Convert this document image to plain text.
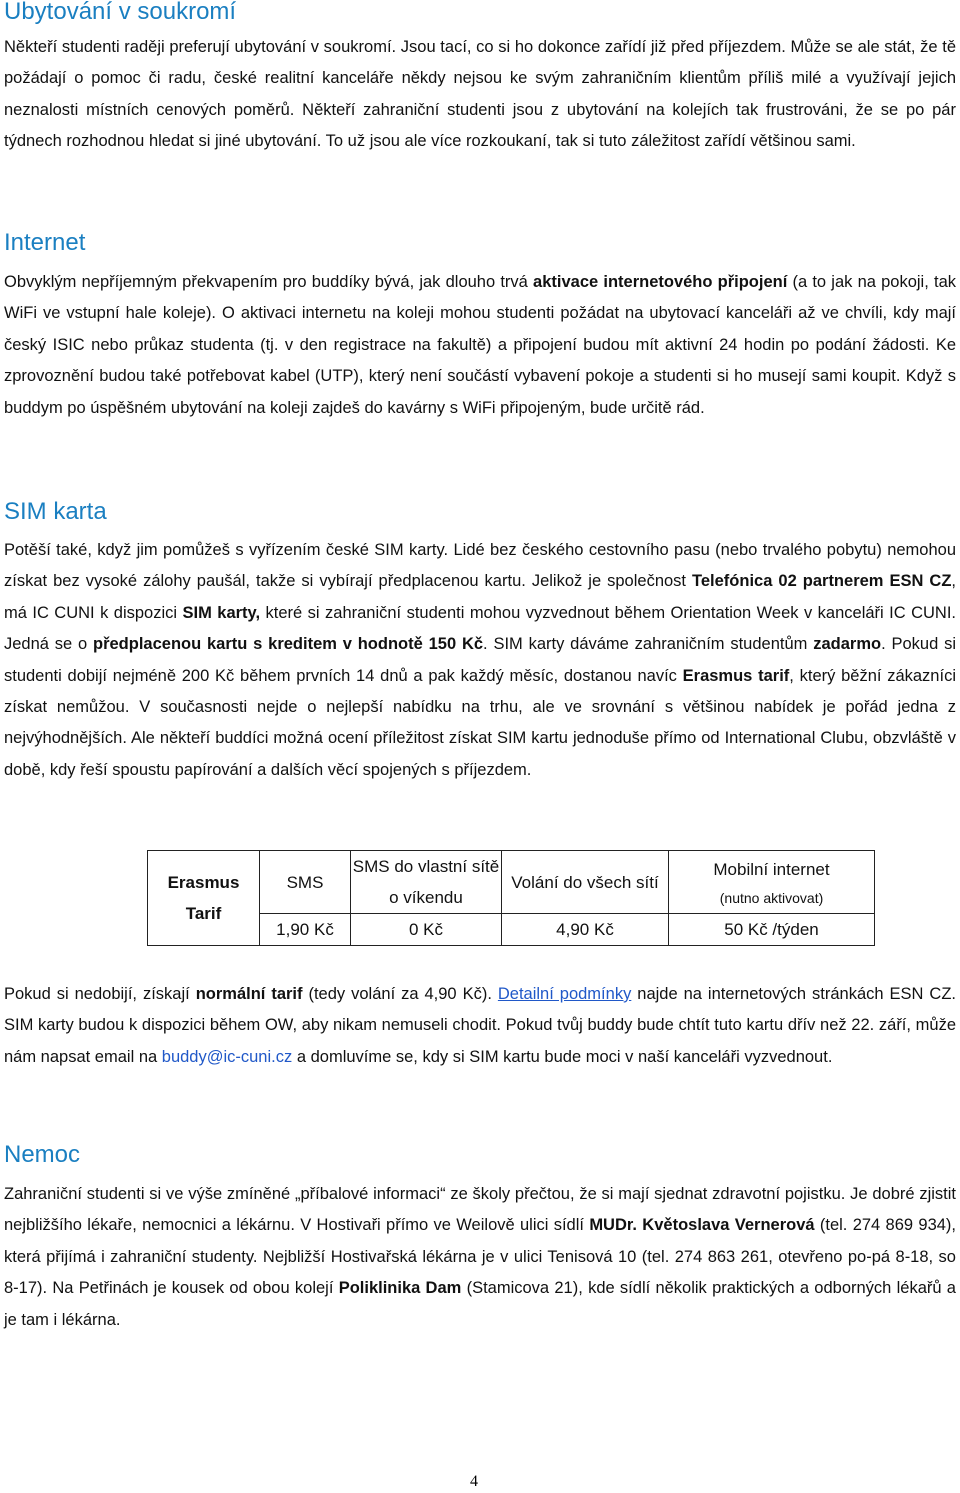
Ubytování v soukromí

Někteří studenti raději preferují ubytování v soukromí. Jsou tací, co si ho dokonce zařídí již před příjezdem. Může se ale stát, že tě požádají o pomoc či radu, české realitní kanceláře někdy nejsou ke svým zahraničním klientům příliš milé a využívají jejich neznalosti místních cenových poměrů. Někteří zahraniční studenti jsou z ubytování na kolejích tak frustrováni, že se po pár týdnech rozhodnou hledat si jiné ubytování. To už jsou ale více rozkoukaní, tak si tuto záležitost zařídí většinou sami.

Internet

Obvyklým nepříjemným překvapením pro buddíky bývá, jak dlouho trvá aktivace internetového připojení (a to jak na pokoji, tak WiFi ve vstupní hale koleje). O aktivaci internetu na koleji mohou studenti požádat na ubytovací kanceláři až ve chvíli, kdy mají český ISIC nebo průkaz studenta (tj. v den registrace na fakultě) a připojení budou mít aktivní 24 hodin po podání žádosti. Ke zprovoznění budou také potřebovat kabel (UTP), který není součástí vybavení pokoje a studenti si ho musejí sami koupit. Když s buddym po úspěšném ubytování na koleji zajdeš do kavárny s WiFi připojeným, bude určitě rád.

SIM karta

Potěší také, když jim pomůžeš s vyřízením české SIM karty. Lidé bez českého cestovního pasu (nebo trvalého pobytu) nemohou získat bez vysoké zálohy paušál, takže si vybírají předplacenou kartu. Jelikož je společnost Telefónica 02 partnerem ESN CZ, má IC CUNI k dispozici SIM karty, které si zahraniční studenti mohou vyzvednout během Orientation Week v kanceláři IC CUNI. Jedná se o předplacenou kartu s kreditem v hodnotě 150 Kč. SIM karty dáváme zahraničním studentům zadarmo. Pokud si studenti dobijí nejméně 200 Kč během prvních 14 dnů a pak každý měsíc, dostanou navíc Erasmus tarif, který běžní zákazníci získat nemůžou. V současnosti nejde o nejlepší nabídku na trhu, ale ve srovnání s většinou nabídek je pořád jedna z nejvýhodnějších. Ale někteří buddíci možná ocení příležitost získat SIM kartu jednoduše přímo od International Clubu, obzvláště v době, kdy řeší spoustu papírování a dalších věcí spojených s příjezdem.

Erasmus Tarif	SMS	SMS do vlastní sítě o víkendu	Volání do všech sítí	Mobilní internet
(nutno aktivovat)

	1,90 Kč	0 Kč	4,90 Kč	50 Kč /týden

Pokud si nedobijí, získají normální tarif (tedy volání za 4,90 Kč). Detailní podmínky najde na internetových stránkách ESN CZ. SIM karty budou k dispozici během OW, aby nikam nemuseli chodit. Pokud tvůj buddy bude chtít tuto kartu dřív než 22. září, může nám napsat email na buddy@ic-cuni.cz a domluvíme se, kdy si SIM kartu bude moci v naší kanceláři vyzvednout.

Nemoc

Zahraniční studenti si ve výše zmíněné „příbalové informaci“ ze školy přečtou, že si mají sjednat zdravotní pojistku. Je dobré zjistit nejbližšího lékaře, nemocnici a lékárnu. V Hostivaři přímo ve Weilově ulici sídlí MUDr. Květoslava Vernerová (tel. 274 869 934), která přijímá i zahraniční studenty. Nejbližší Hostivařská lékárna je v ulici Tenisová 10 (tel. 274 863 261, otevřeno po-pá 8-18, so 8-17). Na Petřinách je kousek od obou kolejí Poliklinika Dam (Stamicova 21), kde sídlí několik praktických a odborných lékařů a je tam i lékárna.

4
